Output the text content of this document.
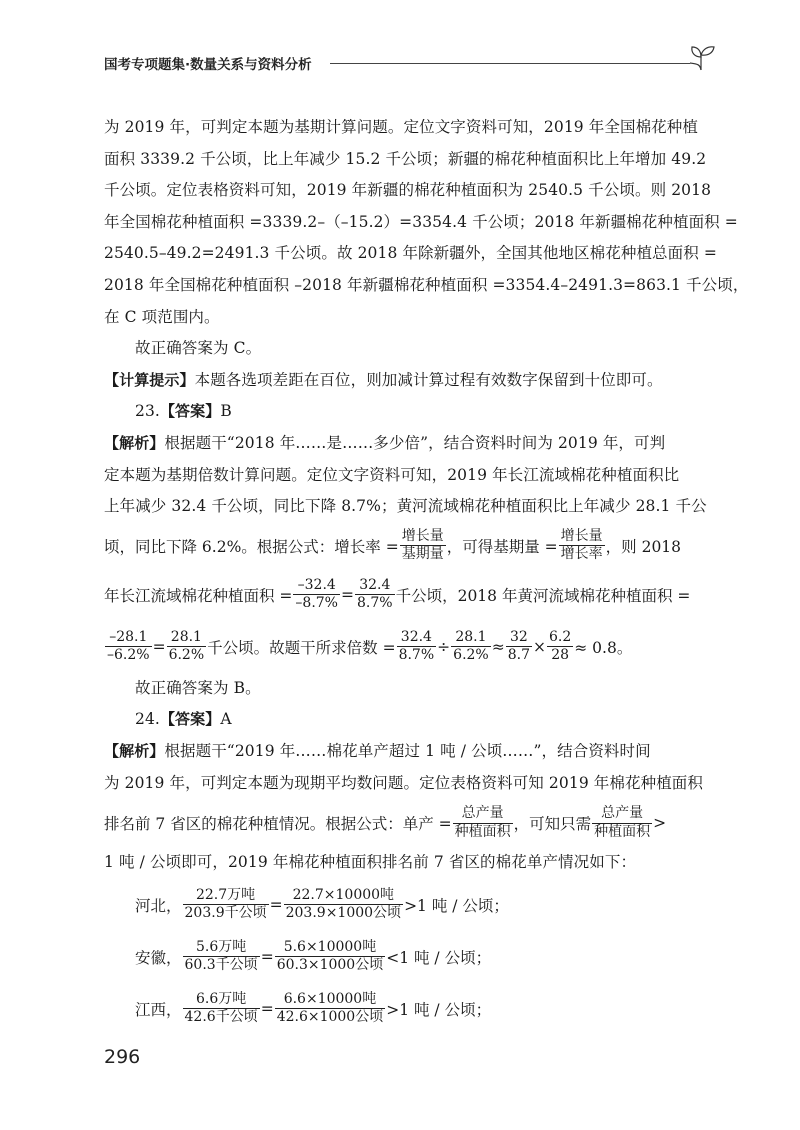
国考专项题集·数量关系与资料分析
为 2019 年，可判定本题为基期计算问题。定位文字资料可知，2019 年全国棉花种植
面积 3339.2 千公顷，比上年减少 15.2 千公顷；新疆的棉花种植面积比上年增加 49.2
千公顷。定位表格资料可知，2019 年新疆的棉花种植面积为 2540.5 千公顷。则 2018
年全国棉花种植面积 =3339.2–（–15.2）=3354.4 千公顷；2018 年新疆棉花种植面积 =
2540.5–49.2=2491.3 千公顷。故 2018 年除新疆外，全国其他地区棉花种植总面积 =
2018 年全国棉花种植面积 –2018 年新疆棉花种植面积 =3354.4–2491.3=863.1 千公顷，
在 C 项范围内。
故正确答案为 C。
【计算提示】本题各选项差距在百位，则加减计算过程有效数字保留到十位即可。
23.【答案】B
【解析】根据题干“2018 年……是……多少倍”，结合资料时间为 2019 年，可判
定本题为基期倍数计算问题。定位文字资料可知，2019 年长江流域棉花种植面积比
上年减少 32.4 千公顷，同比下降 8.7%；黄河流域棉花种植面积比上年减少 28.1 千公
顷，同比下降 6.2%。根据公式：增长率 =
增长量
基期量 ，可得基期量 =
增长量
增长率 ，则 2018
年长江流域棉花种植面积 = $\frac{-32.4}{-8.7\%} = \frac{32.4}{8.7\%}$ 千公顷，2018 年黄河流域棉花种植面积 =
$\frac{-28.1}{-6.2\%} = \frac{28.1}{6.2\%}$ 千公顷。故题干所求倍数 = $\frac{32.4}{8.7\%} \div \frac{28.1}{6.2\%} \approx \frac{32}{8.7} \times \frac{6.2}{28} \approx 0.8$。
故正确答案为 B。
24.【答案】A
【解析】根据题干“2019 年……棉花单产超过 1 吨 / 公顷……”，结合资料时间
为 2019 年，可判定本题为现期平均数问题。定位表格资料可知 2019 年棉花种植面积
排名前 7 省区的棉花种植情况。根据公式：单产 =
总产量
种植面积 ，可知只需
总产量
种植面积 >
1 吨 / 公顷即可，2019 年棉花种植面积排名前 7 省区的棉花单产情况如下：
河北，
22.7万吨
203.9千公顷 =
22.7×10000吨
203.9×1000公顷 >1 吨 / 公顷；
安徽，
5.6万吨
60.3千公顷 =
5.6×10000吨
60.3×1000公顷 <1 吨 / 公顷；
江西，
6.6万吨
42.6千公顷 =
6.6×10000吨
42.6×1000公顷 >1 吨 / 公顷；
296
